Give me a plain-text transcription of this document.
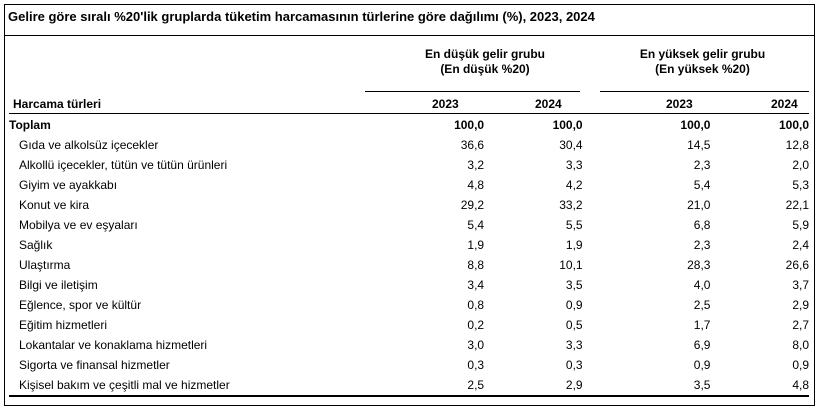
Gelire göre sıralı %20'lik gruplarda tüketim harcamasının türlerine göre dağılımı (%), 2023, 2024
En düşük gelir grubu
(En düşük %20)
En yüksek gelir grubu
(En yüksek %20)
Harcama türleri	2023	2024	2023	2024
Toplam	100,0	100,0	100,0	100,0
Gıda ve alkolsüz içecekler	36,6	30,4	14,5	12,8
Alkollü içecekler, tütün ve tütün ürünleri	3,2	3,3	2,3	2,0
Giyim ve ayakkabı	4,8	4,2	5,4	5,3
Konut ve kira	29,2	33,2	21,0	22,1
Mobilya ve ev eşyaları	5,4	5,5	6,8	5,9
Sağlık	1,9	1,9	2,3	2,4
Ulaştırma	8,8	10,1	28,3	26,6
Bilgi ve iletişim	3,4	3,5	4,0	3,7
Eğlence, spor ve kültür	0,8	0,9	2,5	2,9
Eğitim hizmetleri	0,2	0,5	1,7	2,7
Lokantalar ve konaklama hizmetleri	3,0	3,3	6,9	8,0
Sigorta ve finansal hizmetler	0,3	0,3	0,9	0,9
Kişisel bakım ve çeşitli mal ve hizmetler	2,5	2,9	3,5	4,8
